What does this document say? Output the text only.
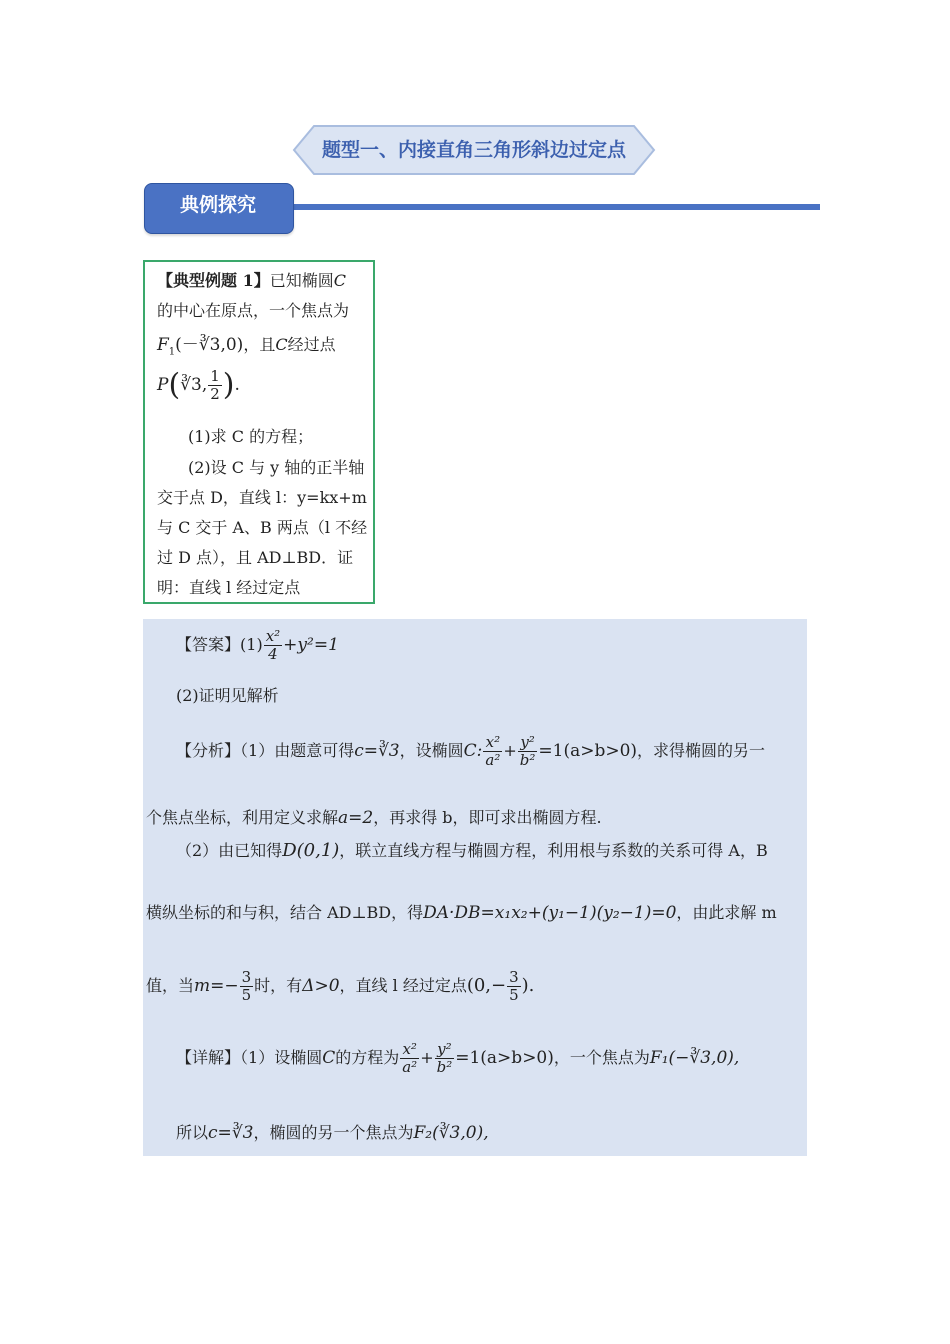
题型一、内接直角三角形斜边过定点
典例探究
【典型例题 1】已知椭圆C
的中心在原点，一个焦点为
$F_1(-∛3,0)$，且C经过点
P(∛3, $\frac{1}{2}$ ).
(1)求 C 的方程；
(2)设 C 与 y 轴的正半轴
交于点 D，直线 l：y=kx+m
与 C 交于 A、B 两点（l 不经
过 D 点），且 AD⊥BD．证
明：直线 l 经过定点
【答案】$(1) \frac{\text{x²}}{4} +y^2=1$
(2)证明见解析
【分析】（1）由题意可得c=∛3，设椭圆C: $\frac{\text{x²}}{\text{a²}} + \frac{\text{y²}}{\text{b²}} =1(a>b>0)$，求得椭圆的另一
个焦点坐标，利用定义求解a=2，再求得 b，即可求出椭圆方程.
（2）由已知得D(0,1)，联立直线方程与椭圆方程，利用根与系数的关系可得 A，B
横纵坐标的和与积，结合 AD⊥BD，得DA·DB=x₁x₂+(y₁−1)(y₂−1)=0，由此求解 m
值，当$m=- \frac{3}{5}$ 时，有Δ>0，直线 l 经过定点($0,- \frac{3}{5}$ ).
【详解】（1）设椭圆C的方程为 $\frac{\text{x²}}{\text{a²}} + \frac{\text{y²}}{\text{b²}} =1(a>b>0)$，一个焦点为F₁(−∛3,0),
所以c=∛3，椭圆的另一个焦点为F₂(∛3,0),
